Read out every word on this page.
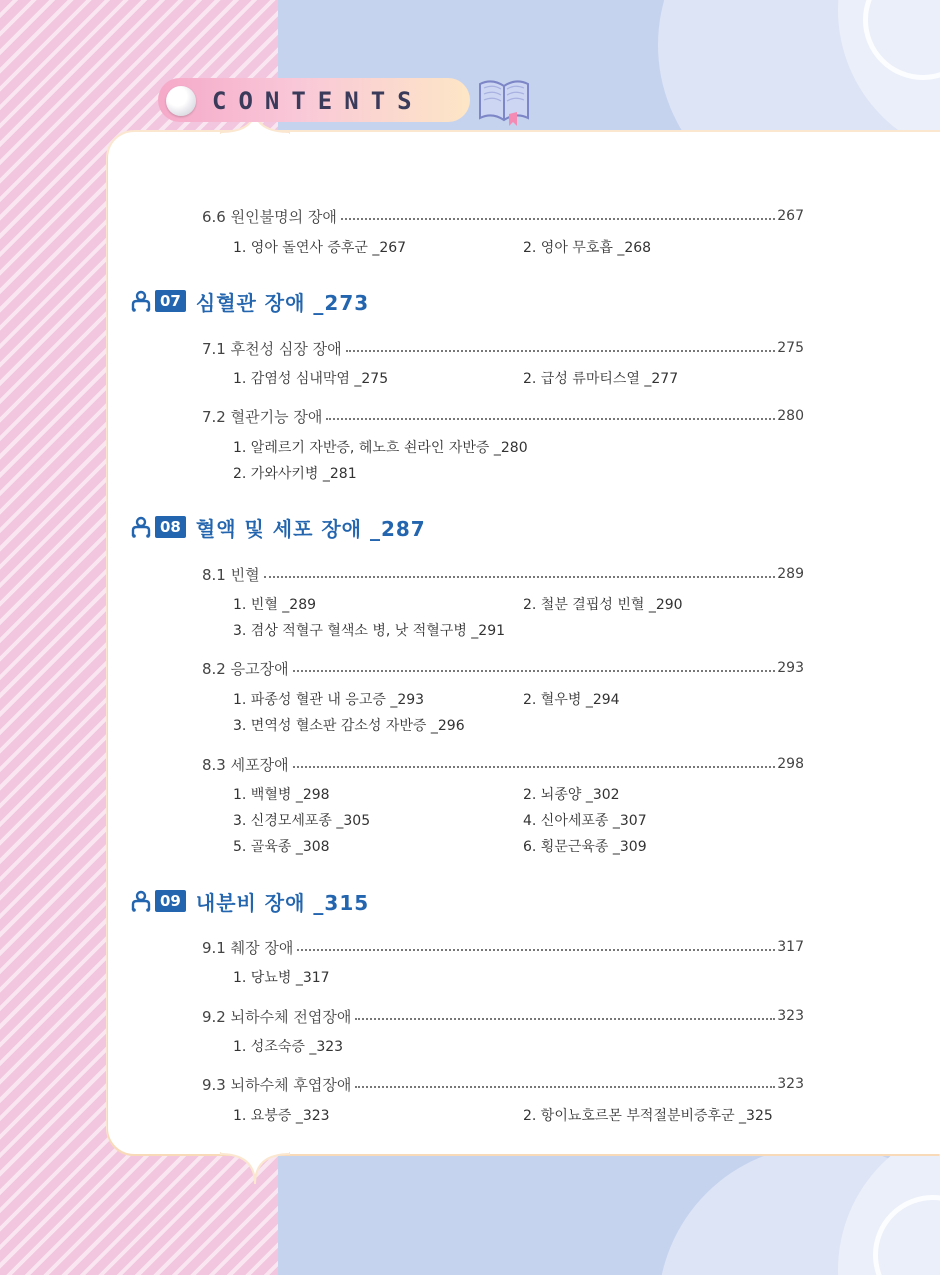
CONTENTS
6.6 원인불명의 장애	267
1. 영아 돌연사 증후군 _267	2. 영아 무호흡 _268
07 심혈관 장애 _273
7.1 후천성 심장 장애	275
1. 감염성 심내막염 _275	2. 급성 류마티스열 _277
7.2 혈관기능 장애	280
1. 알레르기 자반증, 헤노흐 쇤라인 자반증 _280
2. 가와사키병 _281
08 혈액 및 세포 장애 _287
8.1 빈혈	289
1. 빈혈 _289	2. 철분 결핍성 빈혈 _290
3. 겸상 적혈구 혈색소 병, 낫 적혈구병 _291
8.2 응고장애	293
1. 파종성 혈관 내 응고증 _293	2. 혈우병 _294
3. 면역성 혈소판 감소성 자반증 _296
8.3 세포장애	298
1. 백혈병 _298	2. 뇌종양 _302
3. 신경모세포종 _305	4. 신아세포종 _307
5. 골육종 _308	6. 횡문근육종 _309
09 내분비 장애 _315
9.1 췌장 장애	317
1. 당뇨병 _317
9.2 뇌하수체 전엽장애	323
1. 성조숙증 _323
9.3 뇌하수체 후엽장애	323
1. 요붕증 _323	2. 항이뇨호르몬 부적절분비증후군 _325
